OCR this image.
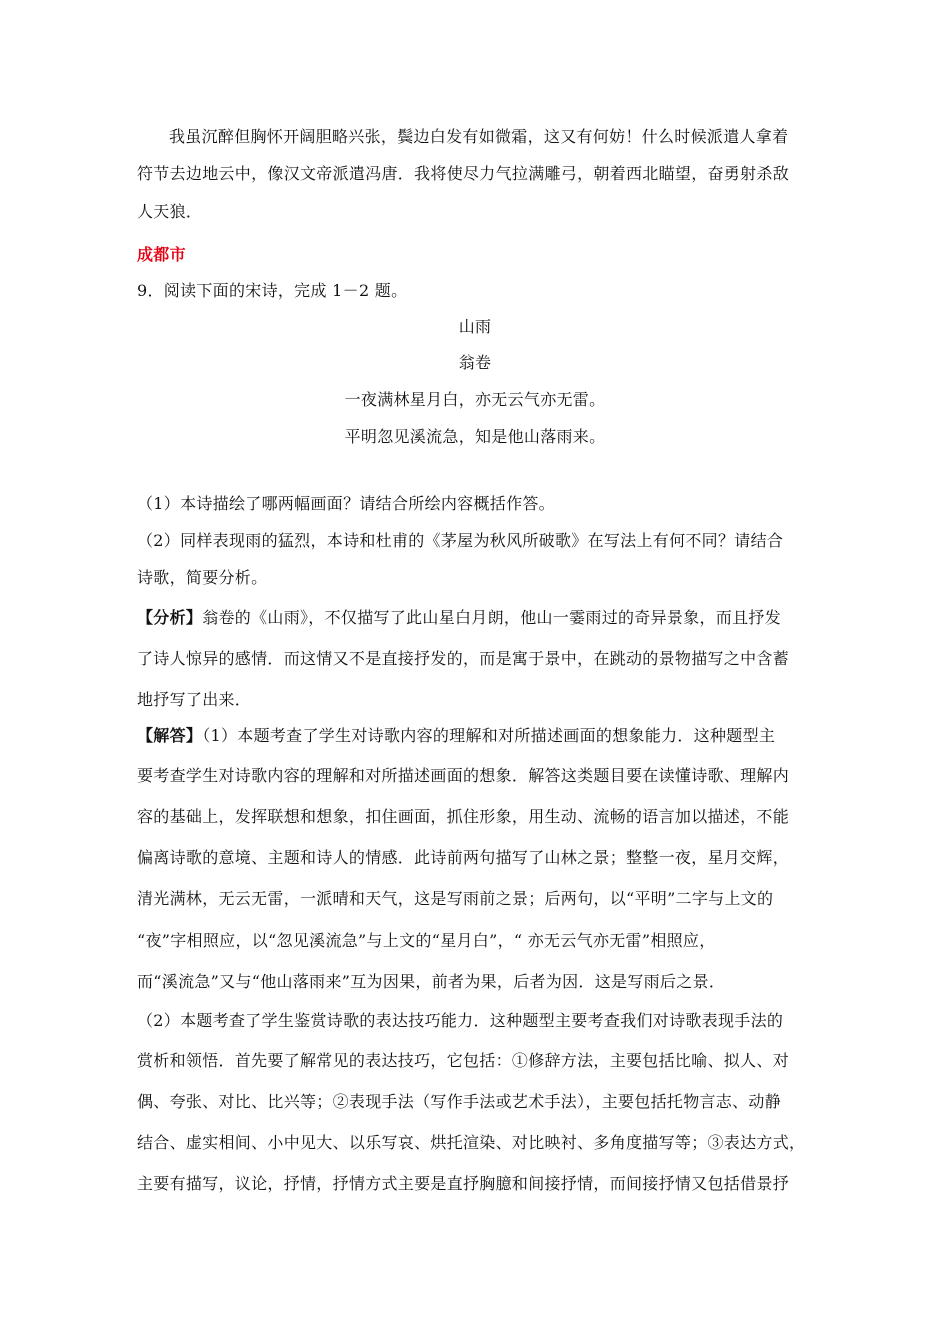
我虽沉醉但胸怀开阔胆略兴张，鬓边白发有如微霜，这又有何妨！什么时候派遣人拿着
符节去边地云中，像汉文帝派遣冯唐．我将使尽力气拉满雕弓，朝着西北瞄望，奋勇射杀敌
人天狼．
成都市
9．阅读下面的宋诗，完成 1－2 题。
山雨
翁卷
一夜满林星月白，亦无云气亦无雷。
平明忽见溪流急，知是他山落雨来。
（1）本诗描绘了哪两幅画面？请结合所绘内容概括作答。
（2）同样表现雨的猛烈，本诗和杜甫的《茅屋为秋风所破歌》在写法上有何不同？请结合
诗歌，简要分析。
【分析】翁卷的《山雨》，不仅描写了此山星白月朗，他山一霎雨过的奇异景象，而且抒发
了诗人惊异的感情．而这情又不是直接抒发的，而是寓于景中，在跳动的景物描写之中含蓄
地抒写了出来．
【解答】（1）本题考查了学生对诗歌内容的理解和对所描述画面的想象能力．这种题型主
要考查学生对诗歌内容的理解和对所描述画面的想象．解答这类题目要在读懂诗歌、理解内
容的基础上，发挥联想和想象，扣住画面，抓住形象，用生动、流畅的语言加以描述，不能
偏离诗歌的意境、主题和诗人的情感．此诗前两句描写了山林之景；整整一夜，星月交辉，
清光满林，无云无雷，一派晴和天气，这是写雨前之景；后两句，以“平明”二字与上文的
“夜”字相照应，以“忽见溪流急”与上文的“星月白”，“ 亦无云气亦无雷”相照应，
而“溪流急”又与“他山落雨来”互为因果，前者为果，后者为因．这是写雨后之景．
（2）本题考查了学生鉴赏诗歌的表达技巧能力．这种题型主要考查我们对诗歌表现手法的
赏析和领悟．首先要了解常见的表达技巧，它包括：①修辞方法，主要包括比喻、拟人、对
偶、夸张、对比、比兴等；②表现手法（写作手法或艺术手法），主要包括托物言志、动静
结合、虚实相间、小中见大、以乐写哀、烘托渲染、对比映衬、多角度描写等；③表达方式，
主要有描写，议论，抒情，抒情方式主要是直抒胸臆和间接抒情，而间接抒情又包括借景抒
